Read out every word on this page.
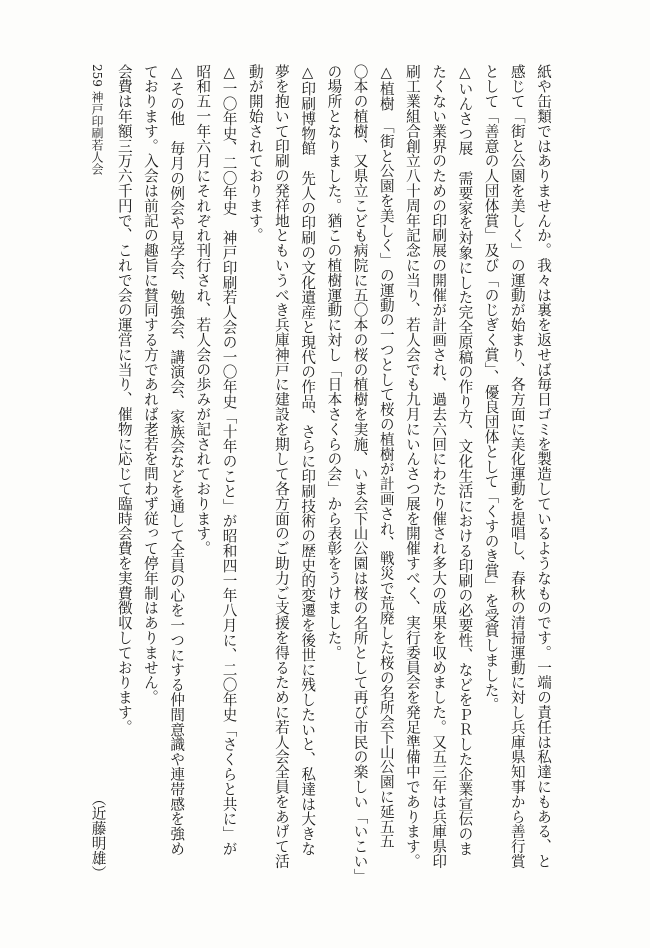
259 神戸印刷若人会	紙や缶類ではありませんか。我々は裏を返せば毎日ゴミを製造しているようなものです。一端の責任は私達にもある、と
感じて「街と公園を美しく」の運動が始まり、各方面に美化運動を提唱し、春秋の清掃運動に対し兵庫県知事から善行賞
として「善意の人団体賞」及び「のじぎく賞」、優良団体として「くすのき賞」を受賞しました。
△いんさつ展　需要家を対象にした完全原稿の作り方、文化生活における印刷の必要性、などをＰＲした企業宣伝のま
たくない業界のための印刷展の開催が計画され、過去六回にわたり催され多大の成果を収めました。又五三年は兵庫県印
刷工業組合創立八十周年記念に当り、若人会でも九月にいんさつ展を開催すべく、実行委員会を発足準備中であります。
△植樹　「街と公園を美しく」の運動の一つとして桜の植樹が計画され、戦災で荒廃した桜の名所会下山公園に延五五
〇本の植樹、又県立こども病院に五〇本の桜の植樹を実施、いま会下山公園は桜の名所として再び市民の楽しい「いこい」
の場所となりました。猶この植樹運動に対し「日本さくらの会」から表彰をうけました。
△印刷博物館　先人の印刷の文化遺産と現代の作品、さらに印刷技術の歴史的変遷を後世に残したいと、私達は大きな
夢を抱いて印刷の発祥地ともいうべき兵庫神戸に建設を期して各方面のご助力ご支援を得るために若人会全員をあげて活
動が開始されております。
△一〇年史、二〇年史　神戸印刷若人会の一〇年史「十年のこと」が昭和四一年八月に、二〇年史「さくらと共に」が
昭和五一年六月にそれぞれ刊行され、若人会の歩みが記されております。
△その他　毎月の例会や見学会、勉強会、講演会、家族会などを通して全員の心を一つにする仲間意識や連帯感を強め
ております。入会は前記の趣旨に賛同する方であれば老若を問わず従って停年制はありません。
会費は年額三万六千円で、これで会の運営に当り、催物に応じて臨時会費を実費徴収しております。
（近藤明雄）
